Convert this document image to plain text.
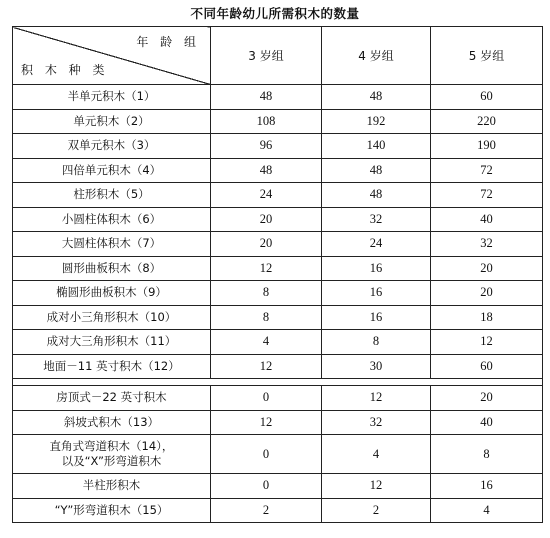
不同年龄幼儿所需积木的数量
年 龄 组
积 木 种 类	3 岁组	4 岁组	5 岁组
半单元积木（1）	48	48	60
单元积木（2）	108	192	220
双单元积木（3）	96	140	190
四倍单元积木（4）	48	48	72
柱形积木（5）	24	48	72
小圆柱体积木（6）	20	32	40
大圆柱体积木（7）	20	24	32
圆形曲板积木（8）	12	16	20
椭圆形曲板积木（9）	8	16	20
成对小三角形积木（10）	8	16	18
成对大三角形积木（11）	4	8	12
地面－11 英寸积木（12）	12	30	60

房顶式－22 英寸积木	0	12	20
斜坡式积木（13）	12	32	40

直角式弯道积木（14），
以及“X”形弯道积木	0	4	8
半柱形积木	0	12	16
“Y”形弯道积木（15）	2	2	4
